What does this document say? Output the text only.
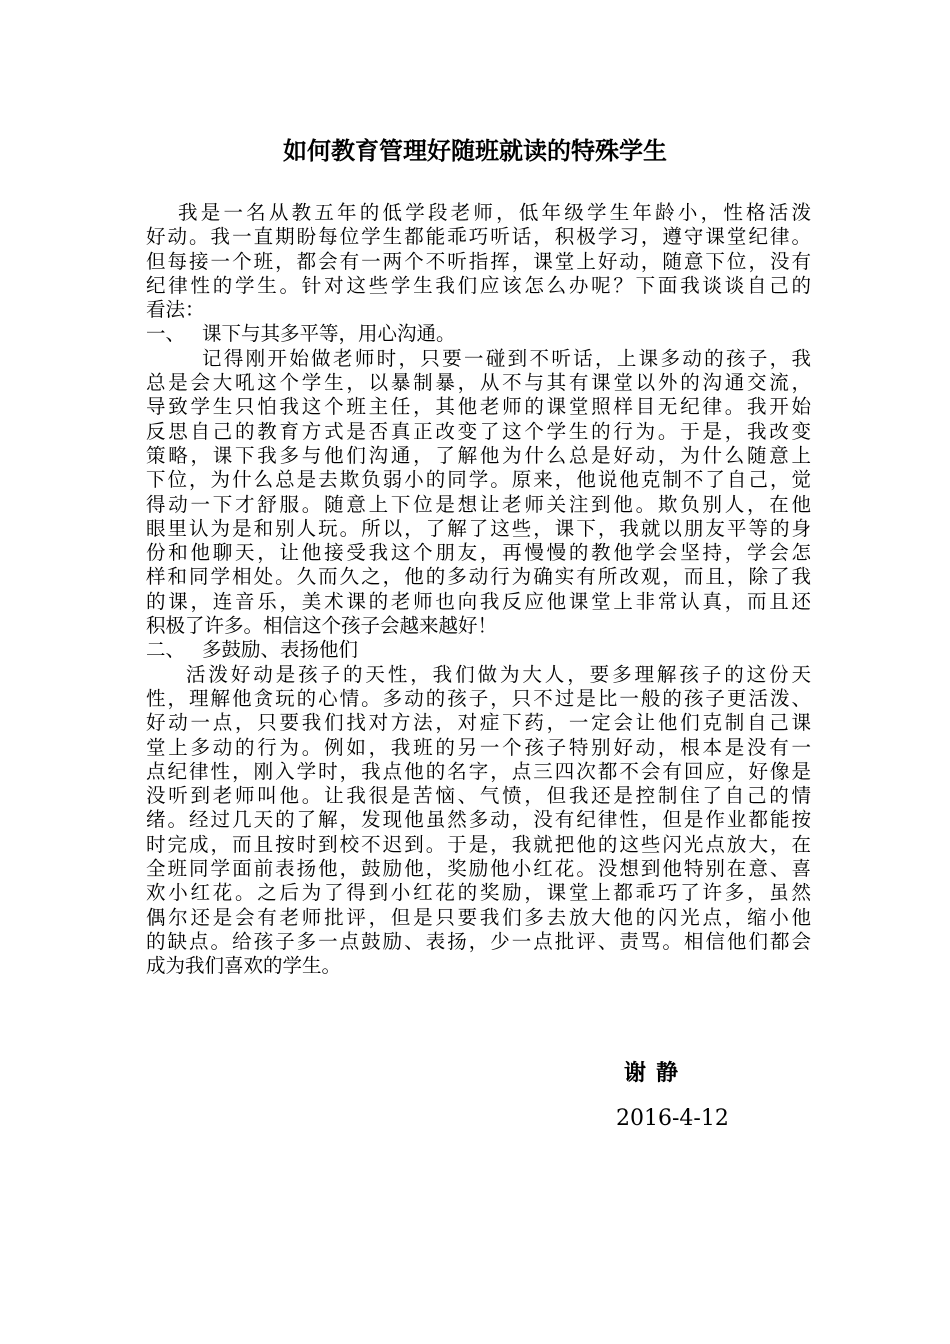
如何教育管理好随班就读的特殊学生
我是一名从教五年的低学段老师，低年级学生年龄小，性格活泼
好动。我一直期盼每位学生都能乖巧听话，积极学习，遵守课堂纪律。
但每接一个班，都会有一两个不听指挥，课堂上好动，随意下位，没有
纪律性的学生。针对这些学生我们应该怎么办呢？下面我谈谈自己的
看法：
一、 课下与其多平等，用心沟通。
记得刚开始做老师时，只要一碰到不听话，上课多动的孩子，我
总是会大吼这个学生，以暴制暴，从不与其有课堂以外的沟通交流，
导致学生只怕我这个班主任，其他老师的课堂照样目无纪律。我开始
反思自己的教育方式是否真正改变了这个学生的行为。于是，我改变
策略，课下我多与他们沟通，了解他为什么总是好动，为什么随意上
下位，为什么总是去欺负弱小的同学。原来，他说他克制不了自己，觉
得动一下才舒服。随意上下位是想让老师关注到他。欺负别人，在他
眼里认为是和别人玩。所以，了解了这些，课下，我就以朋友平等的身
份和他聊天，让他接受我这个朋友，再慢慢的教他学会坚持，学会怎
样和同学相处。久而久之，他的多动行为确实有所改观，而且，除了我
的课，连音乐，美术课的老师也向我反应他课堂上非常认真，而且还
积极了许多。相信这个孩子会越来越好！
二、 多鼓励、表扬他们
活泼好动是孩子的天性，我们做为大人，要多理解孩子的这份天
性，理解他贪玩的心情。多动的孩子，只不过是比一般的孩子更活泼、
好动一点，只要我们找对方法，对症下药，一定会让他们克制自己课
堂上多动的行为。例如，我班的另一个孩子特别好动，根本是没有一
点纪律性，刚入学时，我点他的名字，点三四次都不会有回应，好像是
没听到老师叫他。让我很是苦恼、气愤，但我还是控制住了自己的情
绪。经过几天的了解，发现他虽然多动，没有纪律性，但是作业都能按
时完成，而且按时到校不迟到。于是，我就把他的这些闪光点放大，在
全班同学面前表扬他，鼓励他，奖励他小红花。没想到他特别在意、喜
欢小红花。之后为了得到小红花的奖励，课堂上都乖巧了许多，虽然
偶尔还是会有老师批评，但是只要我们多去放大他的闪光点，缩小他
的缺点。给孩子多一点鼓励、表扬，少一点批评、责骂。相信他们都会
成为我们喜欢的学生。
谢静
2016-4-12
